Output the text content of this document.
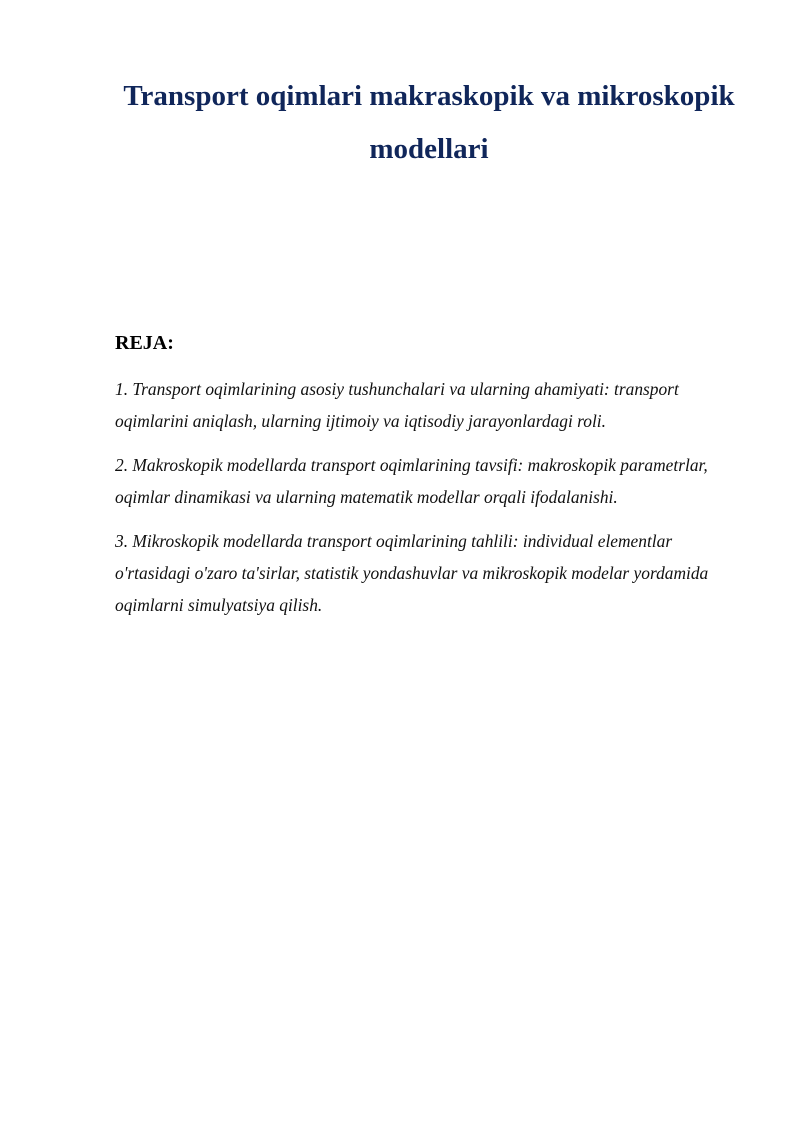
Transport oqimlari makraskopik va mikroskopik modellari
REJA:
1. Transport oqimlarining asosiy tushunchalari va ularning ahamiyati: transport oqimlarini aniqlash, ularning ijtimoiy va iqtisodiy jarayonlardagi roli.
2. Makroskopik modellarda transport oqimlarining tavsifi: makroskopik parametrlar, oqimlar dinamikasi va ularning matematik modellar orqali ifodalanishi.
3. Mikroskopik modellarda transport oqimlarining tahlili: individual elementlar o'rtasidagi o'zaro ta'sirlar, statistik yondashuvlar va mikroskopik modelar yordamida oqimlarni simulyatsiya qilish.
